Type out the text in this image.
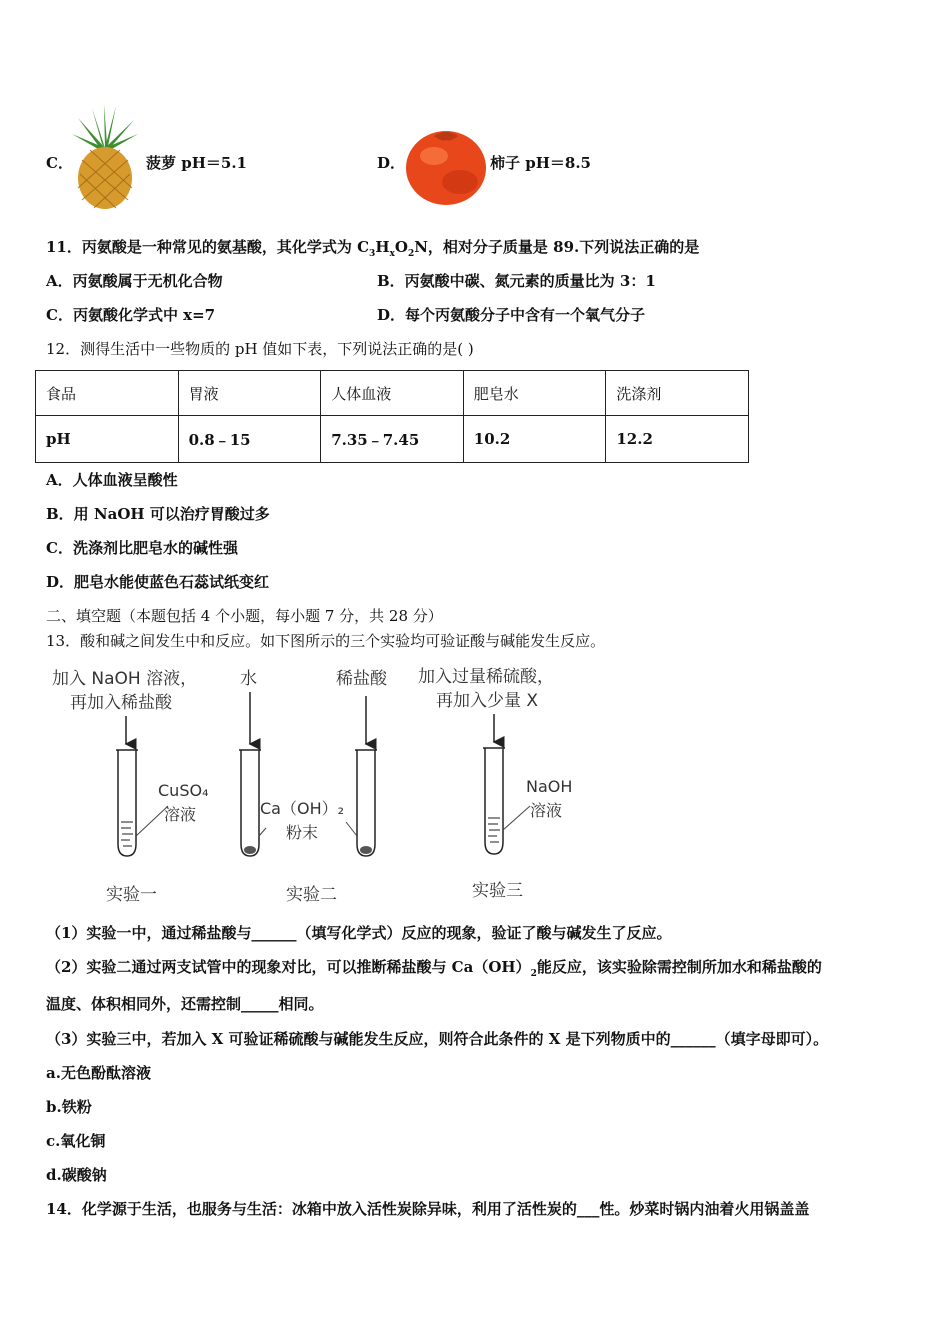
C．	菠萝 pH＝5.1	D．	柿子 pH＝8.5
11．丙氨酸是一种常见的氨基酸，其化学式为 $C_3H_xO_2N$，相对分子质量是 89.下列说法正确的是
A．丙氨酸属于无机化合物	B．丙氨酸中碳、氮元素的质量比为 3：1
C．丙氨酸化学式中 x=7	D．每个丙氨酸分子中含有一个氧气分子
12．测得生活中一些物质的 pH 值如下表，下列说法正确的是( )
食品	胃液	人体血液	肥皂水	洗涤剂
pH	0.8﹣15	7.35﹣7.45	10.2	12.2
A．人体血液呈酸性
B．用 NaOH 可以治疗胃酸过多
C．洗涤剂比肥皂水的碱性强
D．肥皂水能使蓝色石蕊试纸变红
二、填空题（本题包括 4 个小题，每小题 7 分，共 28 分）
13．酸和碱之间发生中和反应。如下图所示的三个实验均可验证酸与碱能发生反应。
加入 NaOH 溶液，
再加入稀盐酸
CuSO₄
溶液
实验一
水	稀盐酸
Ca（OH）₂
粉末
实验二
加入过量稀硫酸，
再加入少量 X
NaOH
溶液
实验三
（1）实验一中，通过稀盐酸与______（填写化学式）反应的现象，验证了酸与碱发生了反应。
（2）实验二通过两支试管中的现象对比，可以推断稀盐酸与 $Ca(OH)_2$能反应，该实验除需控制所加水和稀盐酸的
温度、体积相同外，还需控制_____相同。
（3）实验三中，若加入 X 可验证稀硫酸与碱能发生反应，则符合此条件的 X 是下列物质中的______（填字母即可）。
a.无色酚酞溶液
b.铁粉
c.氧化铜
d.碳酸钠
14．化学源于生活，也服务与生活：冰箱中放入活性炭除异味，利用了活性炭的___性。炒菜时锅内油着火用锅盖盖
